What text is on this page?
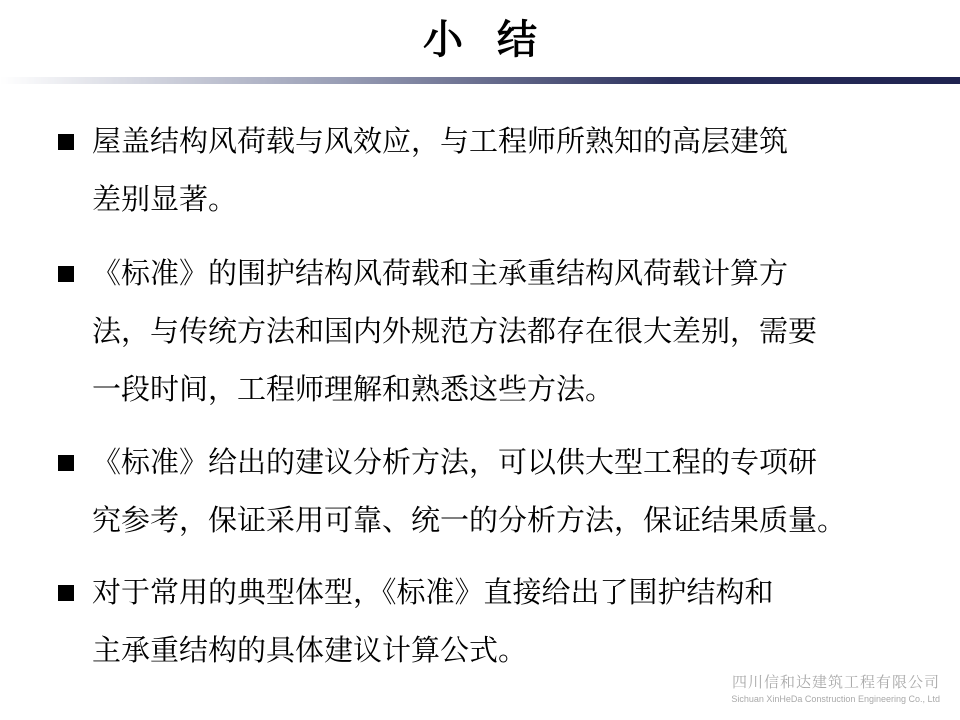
小结
屋盖结构风荷载与风效应，与工程师所熟知的高层建筑
差别显著。
《标准》的围护结构风荷载和主承重结构风荷载计算方
法，与传统方法和国内外规范方法都存在很大差别，需要
一段时间，工程师理解和熟悉这些方法。
《标准》给出的建议分析方法，可以供大型工程的专项研
究参考，保证采用可靠、统一的分析方法，保证结果质量。
对于常用的典型体型，《标准》直接给出了围护结构和
主承重结构的具体建议计算公式。
四川信和达建筑工程有限公司
Sichuan XinHeDa Construction Engineering Co., Ltd
